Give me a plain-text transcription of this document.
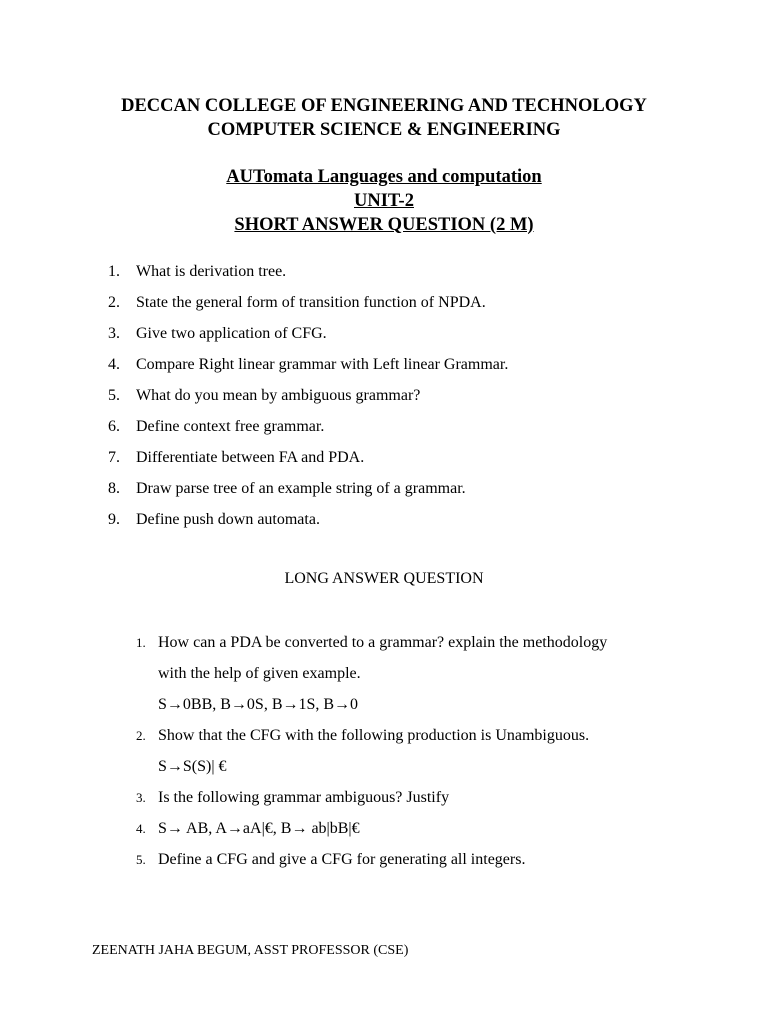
DECCAN COLLEGE OF ENGINEERING AND TECHNOLOGY
COMPUTER SCIENCE & ENGINEERING
AUTomata Languages and computation
UNIT-2
SHORT ANSWER QUESTION (2 M)
1. What is derivation tree.
2. State the general form of transition function of NPDA.
3. Give two application of CFG.
4. Compare Right linear grammar with Left linear Grammar.
5. What do you mean by ambiguous grammar?
6. Define context free grammar.
7. Differentiate between FA and PDA.
8. Draw parse tree of an example string of a grammar.
9. Define push down automata.
LONG ANSWER QUESTION
1. How can a PDA be converted to a grammar? explain the methodology
with the help of given example.
S→0BB, B→0S, B→1S, B→0
2. Show that the CFG with the following production is Unambiguous.
S→S(S)| €
3. Is the following grammar ambiguous? Justify
4. S→ AB, A→aA|€, B→ ab|bB|€
5. Define a CFG and give a CFG for generating all integers.
ZEENATH JAHA BEGUM, ASST PROFESSOR (CSE)
